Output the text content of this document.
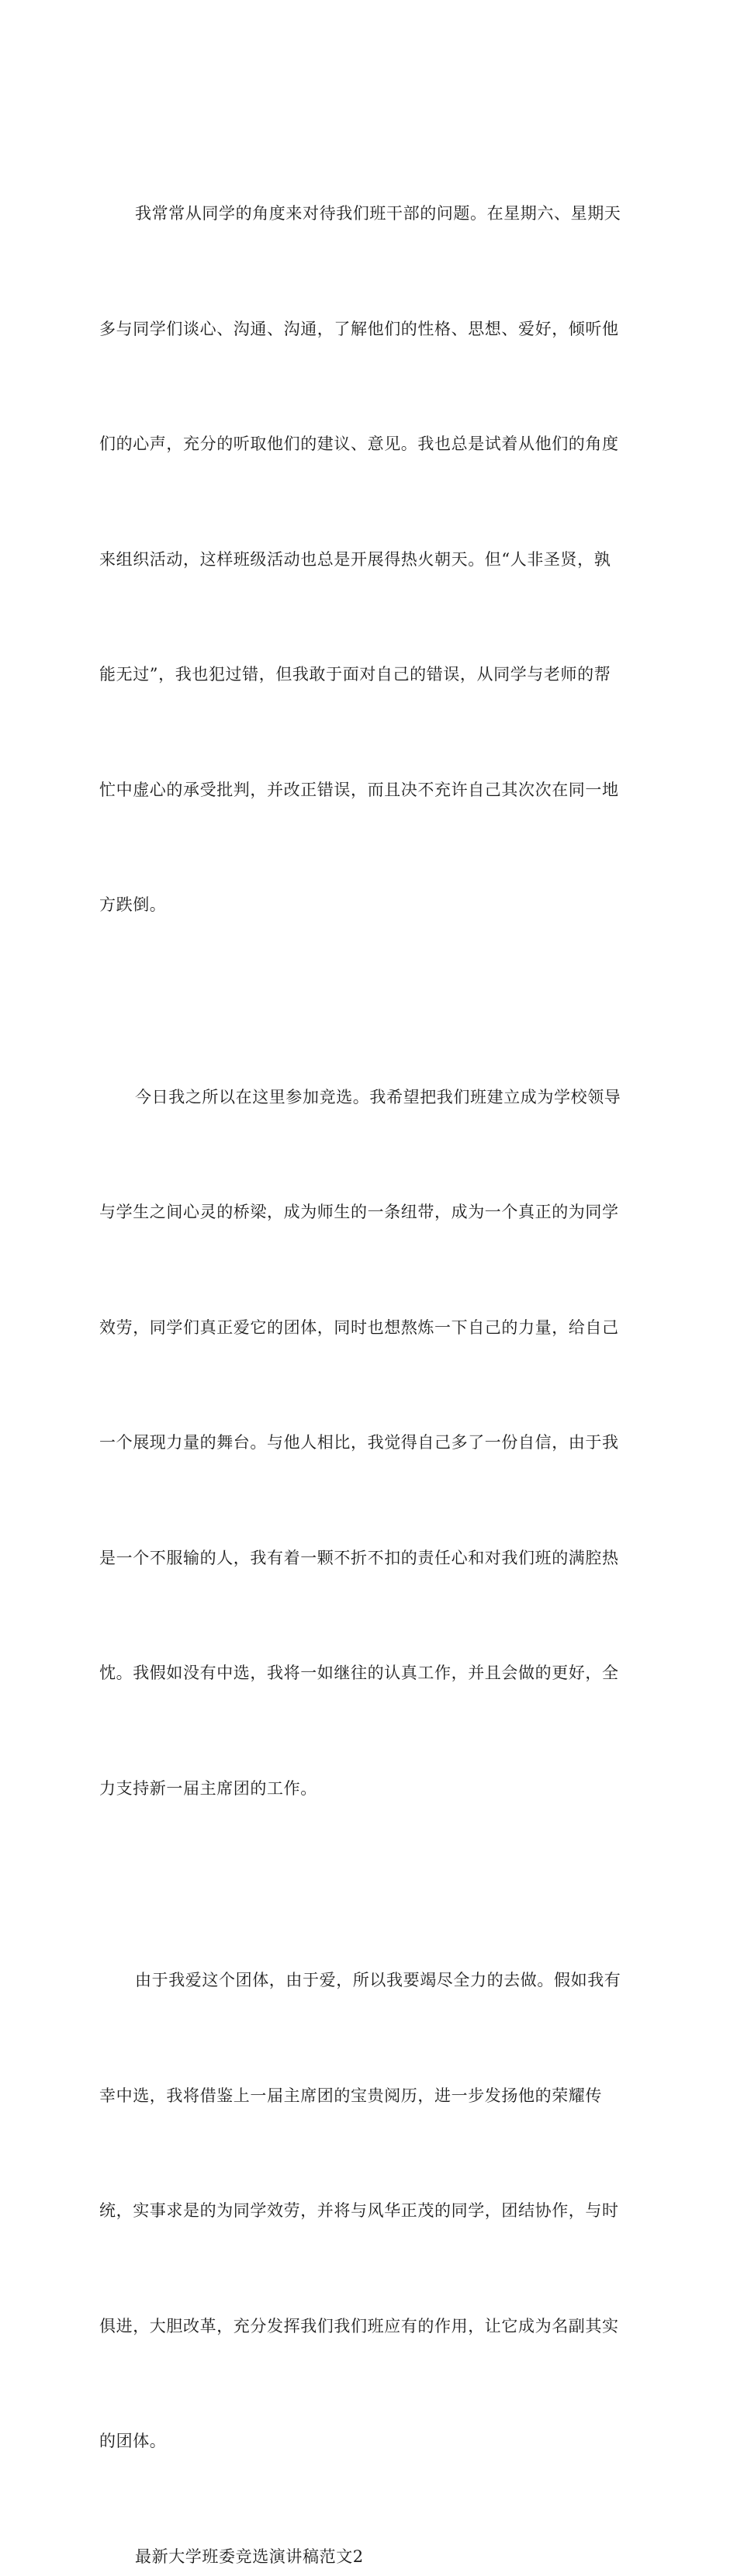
我常常从同学的角度来对待我们班干部的问题。在星期六、星期天

多与同学们谈心、沟通、沟通，了解他们的性格、思想、爱好，倾听他

们的心声，充分的听取他们的建议、意见。我也总是试着从他们的角度

来组织活动，这样班级活动也总是开展得热火朝天。但“人非圣贤，孰

能无过”，我也犯过错，但我敢于面对自己的错误，从同学与老师的帮

忙中虚心的承受批判，并改正错误，而且决不充许自己其次次在同一地

方跌倒。

今日我之所以在这里参加竞选。我希望把我们班建立成为学校领导

与学生之间心灵的桥梁，成为师生的一条纽带，成为一个真正的为同学

效劳，同学们真正爱它的团体，同时也想熬炼一下自己的力量，给自己

一个展现力量的舞台。与他人相比，我觉得自己多了一份自信，由于我

是一个不服输的人，我有着一颗不折不扣的责任心和对我们班的满腔热

忱。我假如没有中选，我将一如继往的认真工作，并且会做的更好，全

力支持新一届主席团的工作。

由于我爱这个团体，由于爱，所以我要竭尽全力的去做。假如我有

幸中选，我将借鉴上一届主席团的宝贵阅历，进一步发扬他的荣耀传

统，实事求是的为同学效劳，并将与风华正茂的同学，团结协作，与时

俱进，大胆改革，充分发挥我们我们班应有的作用，让它成为名副其实

的团体。

最新大学班委竞选演讲稿范文2
